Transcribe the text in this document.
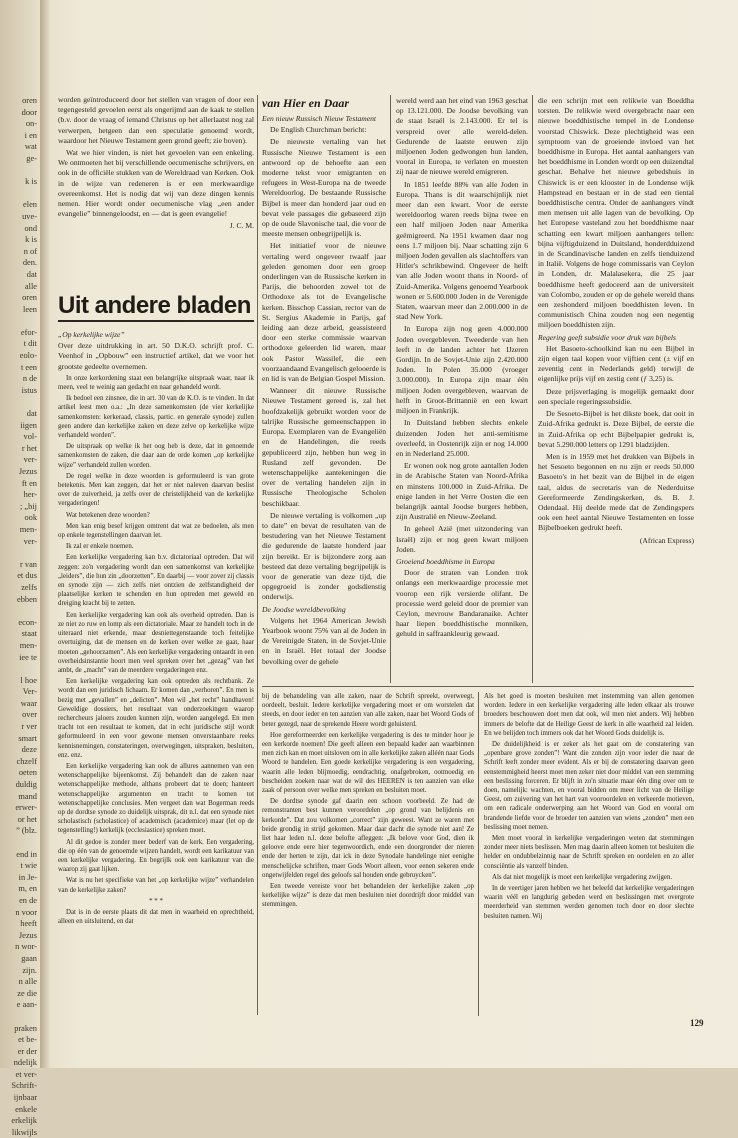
oren
door
on-
i en
wat
ge-

k is

elen
uve-
ond
k is
n of
den.
dat
alle
oren
leen

efor-
t dit
eolo-
t een
n de
istus

dat
iigen
vol-
r het
ver-
Jezus
ft en
her-
; „bij
ook
men-
ver-

r van
et dus
zelfs
ebben

econ-
staat
men-
iee te

l hoe
Ver-
waar
over
r ver
smart
deze
chzelf
oeten
duldig
mand
erwer-
or het
” (blz.

end in
t wie
in Je-
m, en
en de
n voor
heeft
Jezus
n wor-
gaan
zijn.
n alle
ze die
e aan-

praken
et be-
er der
ndelijk
et ver-
Schrift-
ijnbaar
enkele
erkelijk
likwijls

worden geïntroduceerd door het stellen van vragen of door een tegengesteld gevoelen eerst als ongerijmd aan de kaak te stellen (b.v. door de vraag of iemand Christus op het allerlaatst nog zal verwerpen, hetgeen dan een speculatie genoemd wordt, waardoor het Nieuwe Testament geen grond geeft; zie boven).

Wat we hier vinden, is niet het gevoelen van een enkeling. We ontmoeten het bij verschillende oecumenische schrijvers, en ook in de officiële stukken van de Wereldraad van Kerken. Ook in de wijze van redeneren is er een merkwaardige overeenkomst. Het is nodig dat wij van deze dingen kennis nemen. Hier wordt onder oecumenische vlag „een ander evangelie” binnengeloodst, en — dat is geen evangelie!

J. C. M.

Uit andere bladen
„Op kerkelijke wijze”

Over deze uitdrukking in art. 50 D.K.O. schrijft prof. C. Veenhof in „Opbouw” een instructief artikel, dat we voor het grootste gedeelte overnemen.

In onze kerkordening staat een belangrijke uitspraak waar, naar ik meen, veel te weinig aan gedacht en naar gehandeld wordt.

Ik bedoel een zinsnee, die in art. 30 van de K.O. is te vinden. In dat artikel leest men o.a.: „In deze samenkomsten (de vier kerkelijke samenkomsten: kerkeraad, classis, partic. en generale synode) zullen geen andere dan kerkelijke zaken en deze zelve op kerkelijke wijze verhandeld worden”.

De uitspraak op welke ik het oog heb is deze, dat in genoemde samenkomsten de zaken, die daar aan de orde komen „op kerkelijke wijze” verhandeld zullen worden.

De regel welke in deze woorden is geformuleerd is van grote betekenis. Men kan zeggen, dat het er niet naleven daarvan beslist over de zuiverheid, ja zelfs over de christelijkheid van de kerkelijke vergaderingen!

Wat betekenen deze woorden?

Men kan enig besef krijgen omtrent dat wat ze bedoelen, als men op enkele tegenstellingen daarvan let.

Ik zal er enkele noemen.

Een kerkelijke vergadering kan b.v. dictatoriaal optreden. Dat wil zeggen: zo'n vergadering wordt dan een samenkomst van kerkelijke „leiders”, die hun zin „doorzetten”. En daarbij — voor zover zij classis en synode zijn — zich zelfs niet ontzien de zelfstandigheid der plaatselijke kerken te schenden en hun optreden met geweld en dreiging kracht bij te zetten.

Een kerkelijke vergadering kan ook als overheid optreden. Dan is ze niet zo ruw en lomp als een dictatoriale. Maar ze handelt toch in de uiteraard niet erkende, maar desniettegenstaande toch feitelijke overtuiging, dat de mensen en de kerken over welke ze gaat, haar moeten „gehoorzamen”. Als een kerkelijke vergadering ontaardt in een overheidsinstantie hoort men veel spreken over het „gezag” van het ambt, de „macht” van de meerdere vergaderingen enz.

Een kerkelijke vergadering kan ook optreden als rechtbank. Ze wordt dan een juridisch lichaam. Er komen dan „verhoren”. En men is bezig met „gevallen” en „delicten”. Men wil „het recht” handhaven! Geweldige dossiers, het resultaat van onderzoekingen waarop rechercheurs jaloers zouden kunnen zijn, worden aangelegd. En men tracht tot een resultaat te komen, dat in echt juridische stijl wordt geformuleerd in een voor gewone mensen onverstaanbare reeks kennisnemingen, constateringen, overwegingen, uitspraken, besluiten, enz. enz.

Een kerkelijke vergadering kan ook de allures aannemen van een wetenschappelijke bijeenkomst. Zij behandelt dan de zaken naar wetenschappelijke methode, althans probeert dat te doen; hanteert wetenschappelijke argumenten en tracht te komen tot wetenschappelijke conclusies. Men vergeet dan wat Bogerman reeds op de dordtse synode zo duidelijk uitsprak, dit n.l. dat een synode niet scholastisch (scholastice) of academisch (academice) maar (let op de tegenstelling!) kerkelijk (ecclesiastice) spreken moet.

Al dit gedoe is zonder meer bederf van de kerk. Een vergadering, die op één van de genoemde wijzen handelt, wordt een karikatuur van een kerkelijke vergadering. En begrijlk ook een karikatuur van die waarop zij gaat lijken.

Wat is nu het specifieke van het „op kerkelijke wijze” verhandelen van de kerkelijke zaken?

* * *

Dat is in de eerste plaats dit dat men in waarheid en oprechtheid, alleen en uitsluitend, en dat

van Hier en Daar
Een nieuw Russisch Nieuw Testament

De English Churchman bericht:

De nieuwste vertaling van het Russische Nieuwe Testament is een antwoord op de behoefte aan een moderne tekst voor emigranten en refugees in West-Europa na de tweede Wereldoorlog. De bestaande Russische Bijbel is meer dan honderd jaar oud en bevat vele passages die gebaseerd zijn op de oude Slavonische taal, die voor de meeste mensen onbegrijpelijk is.

Het initiatief voor de nieuwe vertaling werd ongeveer twaalf jaar geleden genomen door een groep onderlingen van de Russische kerken in Parijs, die behoorden zowel tot de Orthodoxe als tot de Evangelische kerken. Bisschop Cassian, rector van de St. Sergius Akademie in Parijs, gaf leiding aan deze arbeid, geassisteerd door een sterke commissie waarvan orthodoxe geleerden lid waren, maar ook Pastor Wassilef, die een voorzaandaand Evangelisch gelooerde is en lid is van de Belgian Gospel Mission.

Wanneer dit nieuwe Russische Nieuwe Testament gereed is, zal het hoofdzakelijk gebruikt worden voor de talrijke Russische gemeenschappen in Europa. Exemplaren van de Evangeliën en de Handelingen, die reeds gepubliceerd zijn, hebben hun weg in Rusland zelf gevonden. De wetenschappelijke aantekeningen die over de vertaling handelen zijn in Russische Theologische Scholen beschikbaar.

De nieuwe vertaling is volkomen „up to date” en bevat de resultaten van de bestudering van het Nieuwe Testament die gedurende de laatste honderd jaar zijn bereikt. Er is bijzondere zorg aan besteed dat deze vertaling begrijpelijk is voor de generatie van deze tijd, die opgegroeid is zonder godsdienstig onderwijs.

De Joodse wereldbevolking

Volgens het 1964 American Jewish Yearbook woont 75% van al de Joden in de Vereinigde Staten, in de Sovjet-Unie en in Israël. Het totaal der Joodse bevolking over de gehele

wereld werd aan het eind van 1963 geschat op 13.121.000. De Joodse bevolking van de staat Israël is 2.143.000. Er tel is verspreid over alle wereld-delen. Gedurende de laatste eeuwen zijn miljoenen Joden gedwongen hun landen, vooral in Europa, te verlaten en moesten zij naar de nieuwe wereld emigreren.

In 1851 leefde 88% van alle Joden in Europa. Thans is dit waarschijnlijk niet meer dan een kwart. Voor de eerste wereldoorlog waren reeds bijna twee en een half miljoen Joden naar Amerika geëmigreerd. Na 1951 kwamen daar nog eens 1.7 miljoen bij. Naar schatting zijn 6 miljoen Joden gevallen als slachtoffers van Hitler's schrikbewind. Ongeveer de helft van alle Joden woont thans in Noord- of Zuid-Amerika. Volgens genoemd Yearbook wonen er 5.600.000 Joden in de Verenigde Staten, waarvan meer dan 2.000.000 in de stad New York.

In Europa zijn nog geen 4.000.000 Joden overgebleven. Tweederde van hen leeft in de landen achter het IJzeren Gordijn. In de Sovjet-Unie zijn 2.420.000 Joden. In Polen 35.000 (vroeger 3.000.000). In Europa zijn maar één miljoen Joden overgebleven, waarvan de helft in Groot-Brittannië en een kwart miljoen in Frankrijk.

In Duitsland hebben slechts enkele duizenden Joden het anti-semitisme overleefd, in Oostenrijk zijn er nog 14.000 en in Nederland 25.000.

Er wonen ook nog grote aantallen Joden in de Arabische Staten van Noord-Afrika en minstens 100.000 in Zuid-Afrika. De enige landen in het Verre Oosten die een belangrijk aantal Joodse burgers hebben, zijn Australië en Nieuw-Zeeland.

In geheel Azië (met uitzondering van Israël) zijn er nog geen kwart miljoen Joden.

Groeiend boeddhisme in Europa

Door de straten van Londen trok onlangs een merkwaardige processie met voorop een rijk versierde olifant. De processie werd geleid door de premier van Ceylon, mevrouw Bandaranaike. Achter haar liepen boeddhistische monniken, gehuld in saffraankleurig gewaad.

die een schrijn met een relikwie van Boeddha torsten. De relikwie werd overgebracht naar een nieuwe boeddhistische tempel in de Londense voorstad Chiswick. Deze plechtigheid was een symptoom van de groeiende invloed van het boeddhisme in Europa. Het aantal aanhangers van het boeddhisme in Londen wordt op een duizendtal geschat. Behalve het nieuwe gebedshuis in Chiswick is er een klooster in de Londense wijk Hampstead en bestaan er in de stad een tiental boeddhistische centra. Onder de aanhangers vindt men mensen uit alle lagen van de bevolking. Op het Europese vasteland zou het boeddhisme naar schatting een kwart miljoen aanhangers tellen: bijna vijftigduizend in Duitsland, honderdduizend in de Scandinavische landen en zelfs tienduizend in Italië. Volgens de hoge commissaris van Ceylon in Londen, dr. Malalasekera, die 25 jaar boeddhisme heeft gedoceerd aan de universiteit van Colombo, zouden er op de gehele wereld thans een zeshonderd miljoen boeddhisten leven. In communistisch China zouden nog een negentig miljoen boeddhisten zijn.

Regering geeft subsidie voor druk van bijbels

Het Basoeto-schoolkind kan nu een Bijbel in zijn eigen taal kopen voor vijftien cent (± vijf en zeventig cent in Nederlands geld) terwijl de eigenlijke prijs vijf en zestig cent (ƒ 3,25) is.

Deze prijsverlaging is mogelijk gemaakt door een speciale regeringssubsidie.

De Sesoeto-Bijbel is het dikste boek, dat ooit in Zuid-Afrika gedrukt is. Deze Bijbel, de eerste die in Zuid-Afrika op echt Bijbelpapier gedrukt is, bevat 5.290.000 letters op 1291 bladzijden.

Men is in 1959 met het drukken van Bijbels in het Sesoeto begonnen en nu zijn er reeds 50.000 Basoeto's in het bezit van de Bijbel in de eigen taal, aldus de secretaris van de Nederduitse Gereformeerde Zendingskerken, ds. B. J. Odendaal. Hij deelde mede dat de Zendingspers ook een heel aantal Nieuwe Testamenten en losse Bijbelboeken gedrukt heeft.

(African Express)

bij de behandeling van alle zaken, naar de Schrift spreekt, overweegt, oordeelt, besluit. Iedere kerkelijke vergadering moet er om worstelen dat steeds, en door ieder en ten aanzien van alle zaken, naar het Woord Gods of beter gezegd, naar de sprekende Heere wordt geluisterd.

Hoe gereformeerder een kerkelijke vergadering is des te minder hoor je een kerkorde noemen! Die geeft alleen een bepaald kader aan waarbinnen men zich kan en moet uitsloven om in alle kerkelijke zaken alléén naar Gods Woord te handelen. Een goede kerkelijke vergadering is een vergadering, waarin alle leden blijmoedig, eendrachtig, onafgebroken, ootmoedig en bescheiden zoeken naar wat de wil des HEEREN is ten aanzien van elke zaak of persoon over welke men spreken en besluiten moet.

De dordtse synode gaf daarin een schoon voorbeeld. Ze had de remonstranten best kunnen veroordelen „op grond van belijdenis en kerkorde”. Dat zou volkomen „correct” zijn geweest. Want ze waren met beide grondig in strijd gekomen. Maar daar dacht die synode niet aan! Ze liet haar leden n.l. deze belofte afleggen: „Ik belove voor God, dien ik geloove ende eere hier tegenwoordich, ende een doorgronder der nieren ende der herten te zijn, dat ick in deze Synodale handelinge niet eenighe menschelijcke schriften, maer Gods Woort alleen, voor eenen sekeren ende ongetwijfelden regel des geloofs sal houden ende gebruycken”.

Een tweede vereiste voor het behandelen der kerkelijke zaken „op kerkelijke wijze” is deze dat men besluiten niet doordrijft door middel van stemmingen.

Als het goed is moeten besluiten met instemming van allen genomen worden. Iedere in een kerkelijke vergadering alle leden elkaar als trouwe broeders beschouwen doet men dat ook, wil men niet anders. Wij hebben immers de belofte dat de Heilige Geest de kerk in alle waarheid zal leiden. En we belijden toch immers ook dat het Woord Gods duidelijk is.

De duidelijkheid is er zeker als het gaat om de constatering van „openbare grove zonden”! Want die zonden zijn voor ieder die naar de Schrift leeft zonder meer evident. Als er bij de constatering daarvan geen eenstemmigheid heerst moet men zeker niet door middel van een stemming een beslissing forceren. Er blijft in zo'n situatie maar één ding over om te doen, namelijk: wachten, en vooral bidden om meer licht van de Heilige Geest, om zuivering van het hart van vooroordelen en verkeerde motieven, om een radicale onderwerping aan het Woord van God en vooral om brandende liefde voor de broeder ten aanzien van wiens „zonden” men een beslissing moet nemen.

Men moet vooral in kerkelijke vergaderingen weten dat stemmingen zonder meer niets beslissen. Men mag daarin alleen komen tot besluiten die helder en ondubbelzinnig naar de Schrift spreken en oordelen en zo aller consciëntie als vanzelf binden.

Als dat niet mogelijk is moet een kerkelijke vergadering zwijgen.

In de veertiger jaren hebben we het beleefd dat kerkelijke vergaderingen waarin véél en langdurig gebeden werd en beslissingen met overgrote meerderheid van stemmen werden genomen toch door en door slechte besluiten namen. Wij

129
